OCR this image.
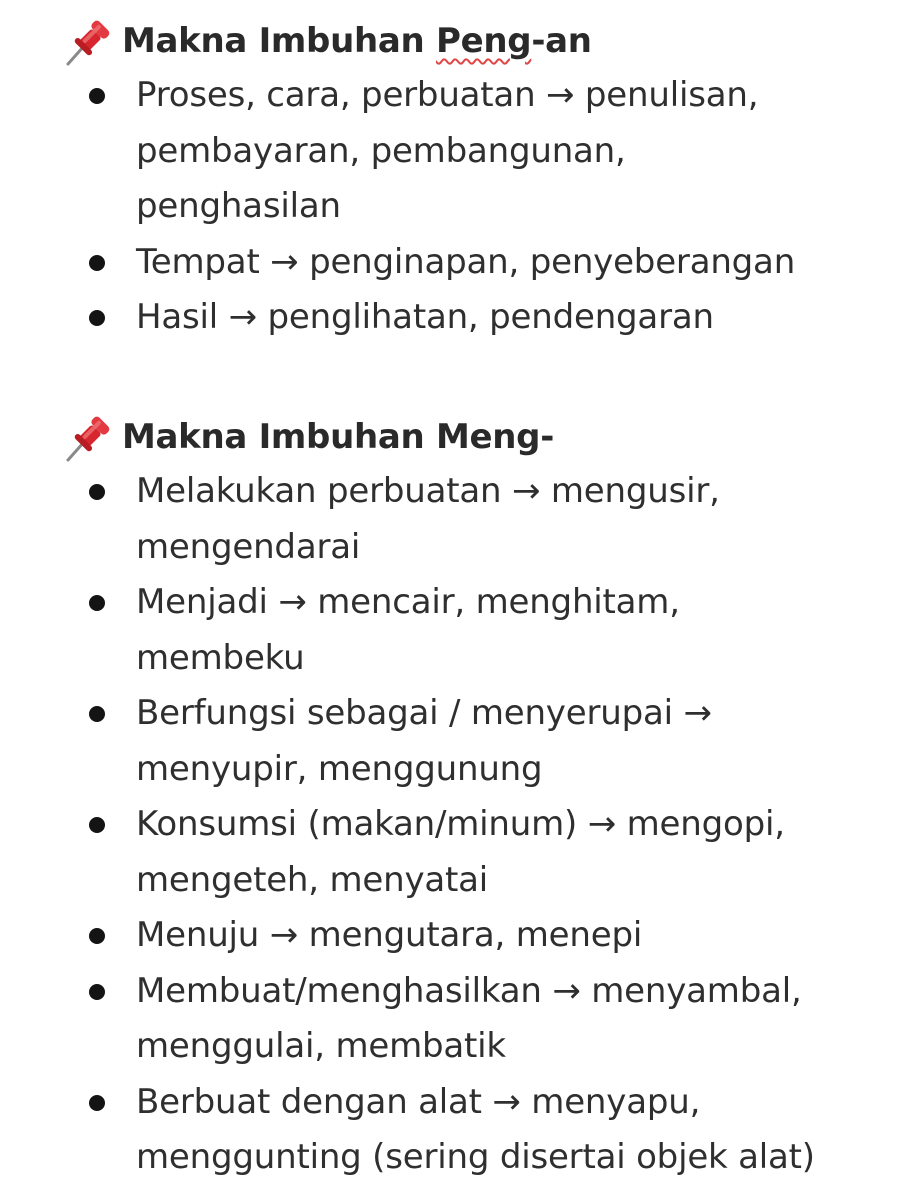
Makna Imbuhan Peng-an
Proses, cara, perbuatan → penulisan,
pembayaran, pembangunan,
penghasilan
Tempat → penginapan, penyeberangan
Hasil → penglihatan, pendengaran
Makna Imbuhan Meng-
Melakukan perbuatan → mengusir,
mengendarai
Menjadi → mencair, menghitam,
membeku
Berfungsi sebagai / menyerupai →
menyupir, menggunung
Konsumsi (makan/minum) → mengopi,
mengeteh, menyatai
Menuju → mengutara, menepi
Membuat/menghasilkan → menyambal,
menggulai, membatik
Berbuat dengan alat → menyapu,
menggunting (sering disertai objek alat)
